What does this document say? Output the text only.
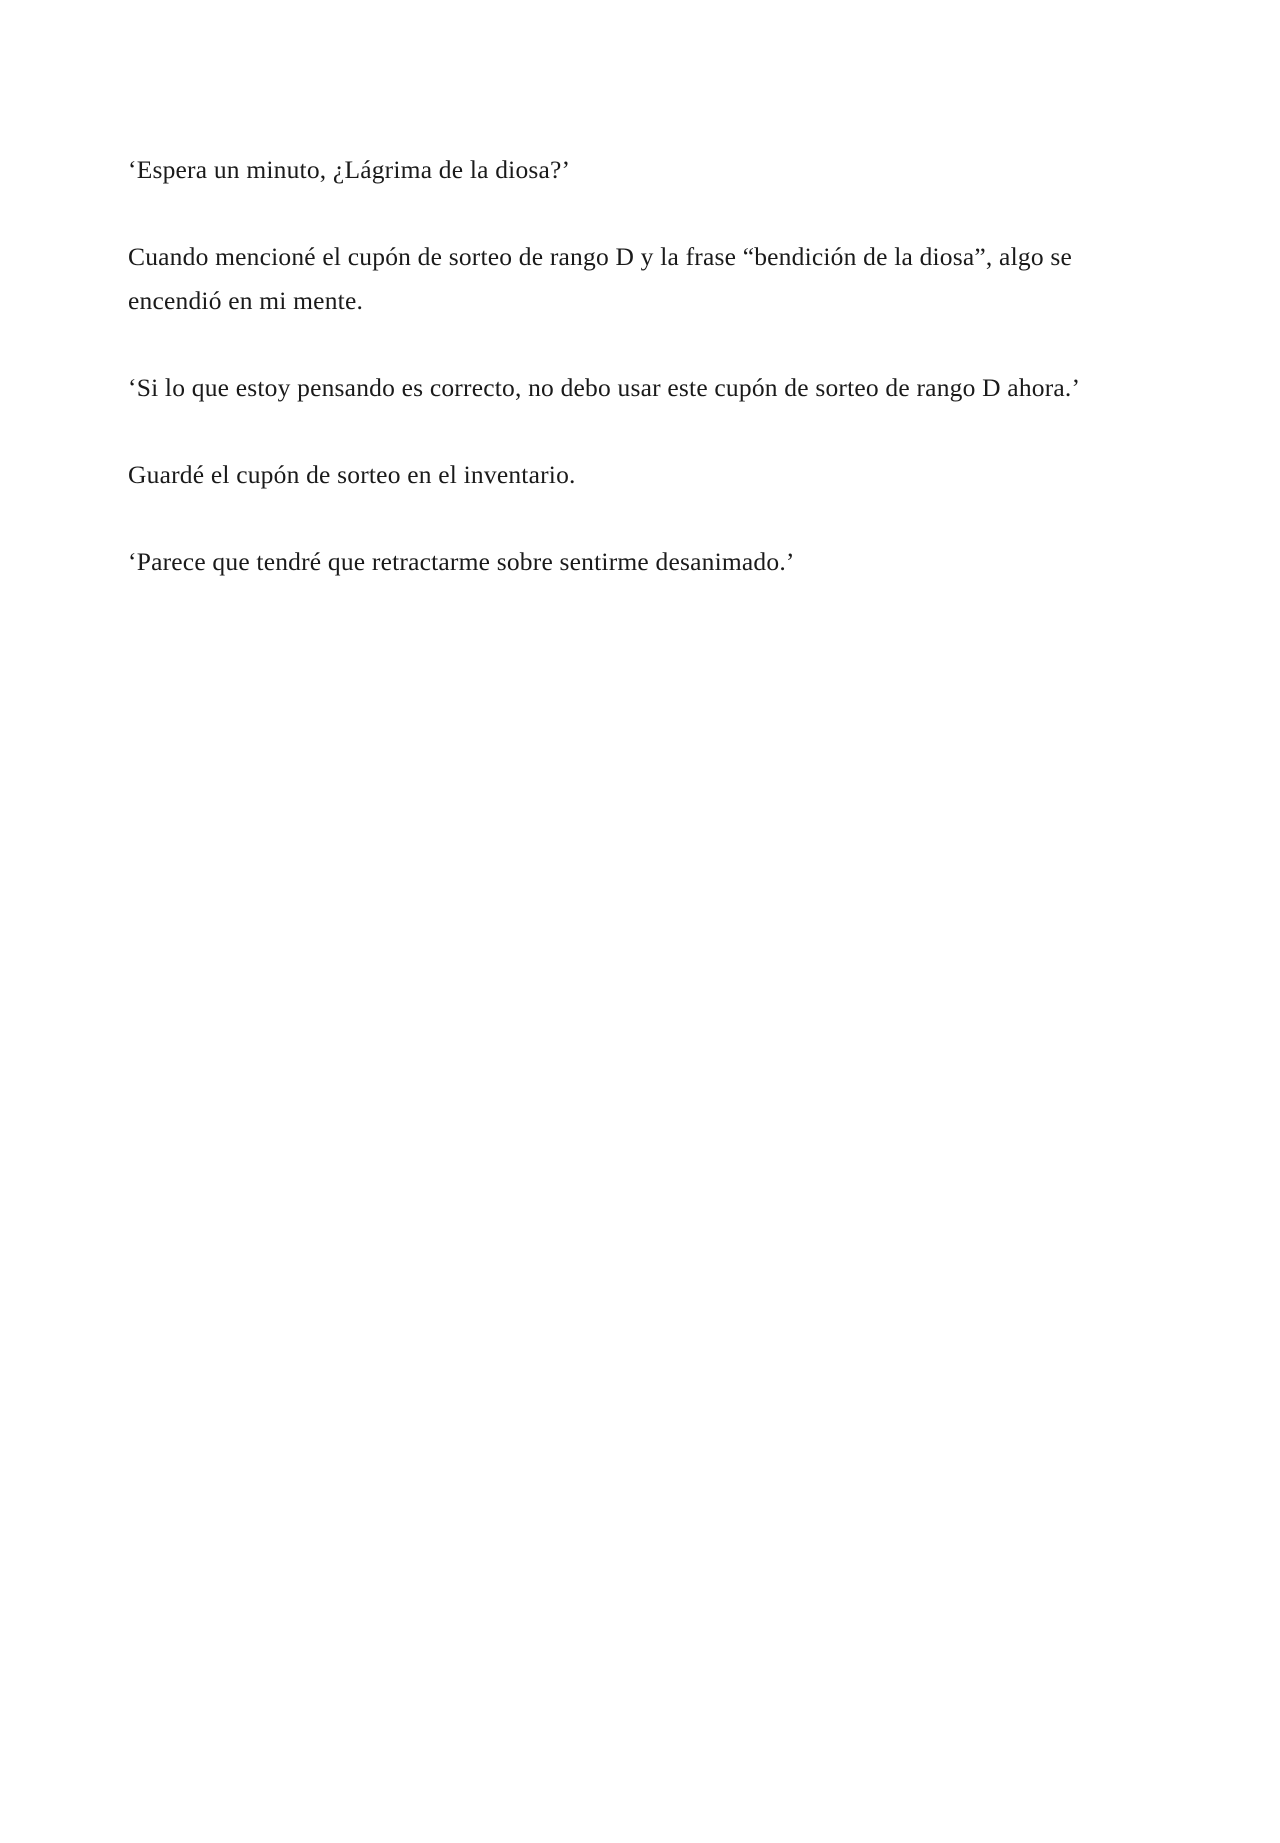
‘Espera un minuto, ¿Lágrima de la diosa?’

Cuando mencioné el cupón de sorteo de rango D y la frase “bendición de la diosa”, algo se encendió en mi mente.

‘Si lo que estoy pensando es correcto, no debo usar este cupón de sorteo de rango D ahora.’

Guardé el cupón de sorteo en el inventario.

‘Parece que tendré que retractarme sobre sentirme desanimado.’
